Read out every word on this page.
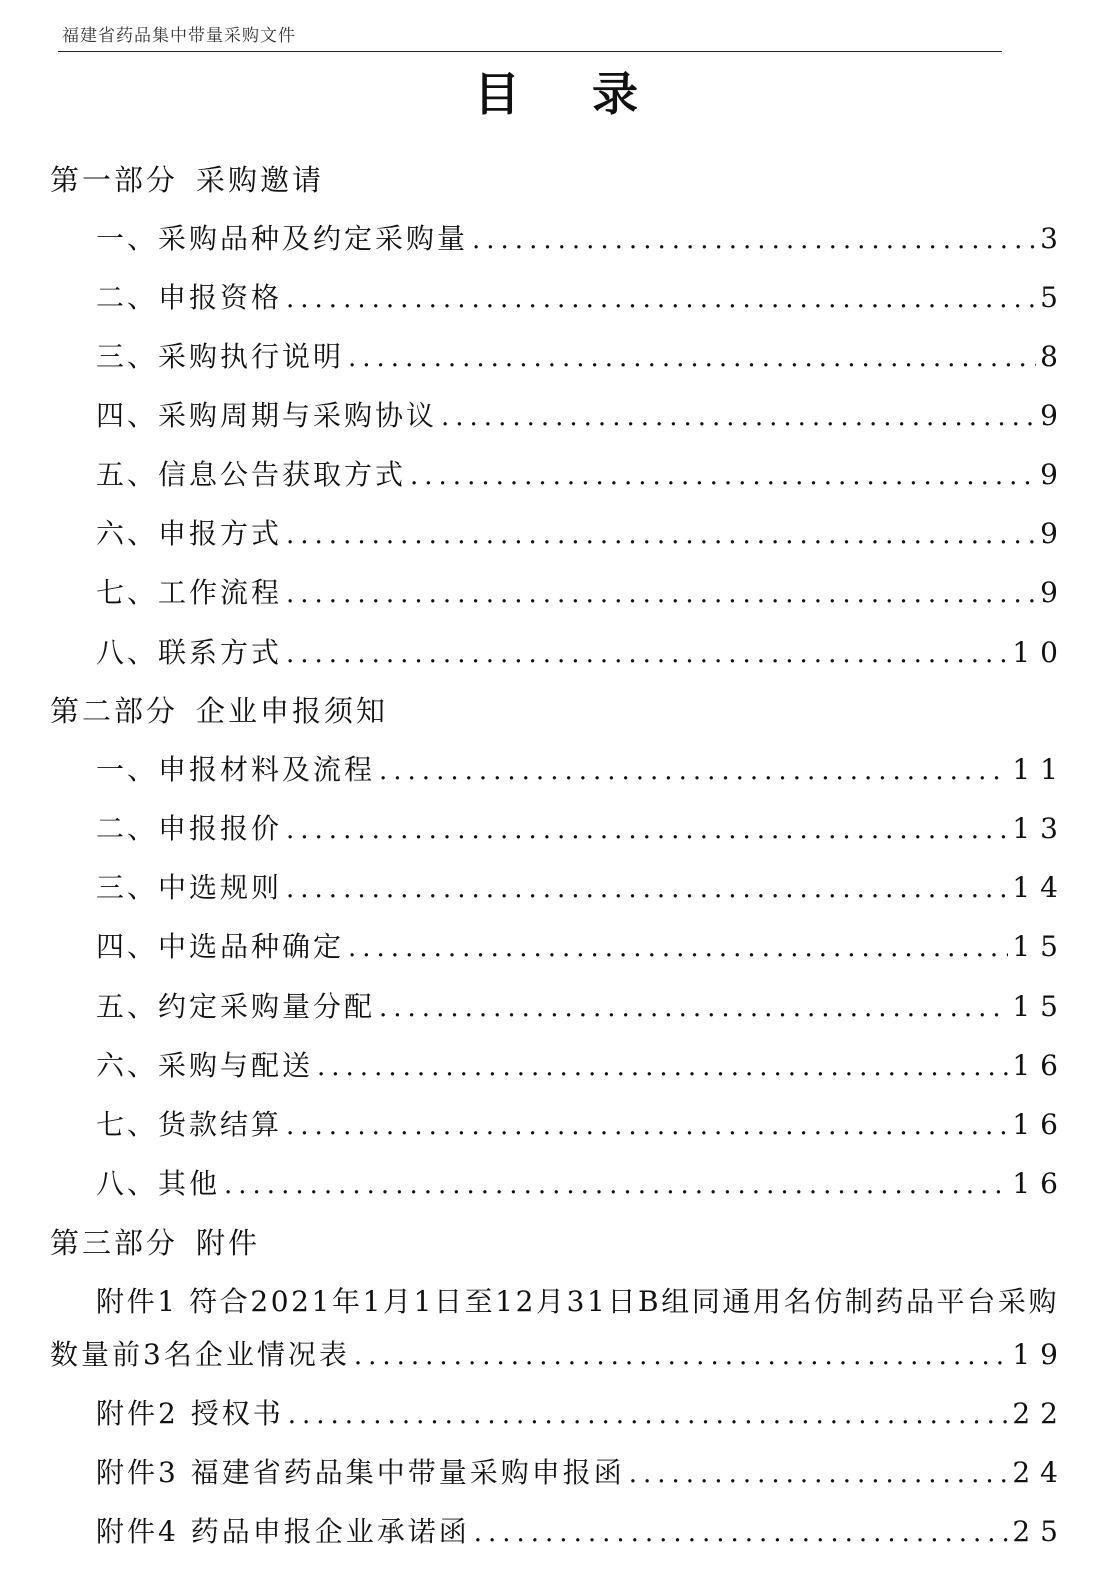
福建省药品集中带量采购文件
目 录
第一部分 采购邀请
一、采购品种及约定采购量 .....	3
二、申报资格 .....	5
三、采购执行说明 .....	8
四、采购周期与采购协议 .....	9
五、信息公告获取方式 .....	9
六、申报方式 .....	9
七、工作流程 .....	9
八、联系方式 .....	10
第二部分 企业申报须知
一、申报材料及流程 .....	11
二、申报报价 .....	13
三、中选规则 .....	14
四、中选品种确定 .....	15
五、约定采购量分配 .....	15
六、采购与配送 .....	16
七、货款结算 .....	16
八、其他 .....	16
第三部分 附件
附件1 符合2021年1月1日至12月31日B组同通用名仿制药品平台采购
数量前3名企业情况表 .....	19
附件2 授权书 .....	22
附件3 福建省药品集中带量采购申报函 .....	24
附件4 药品申报企业承诺函 .....	25
